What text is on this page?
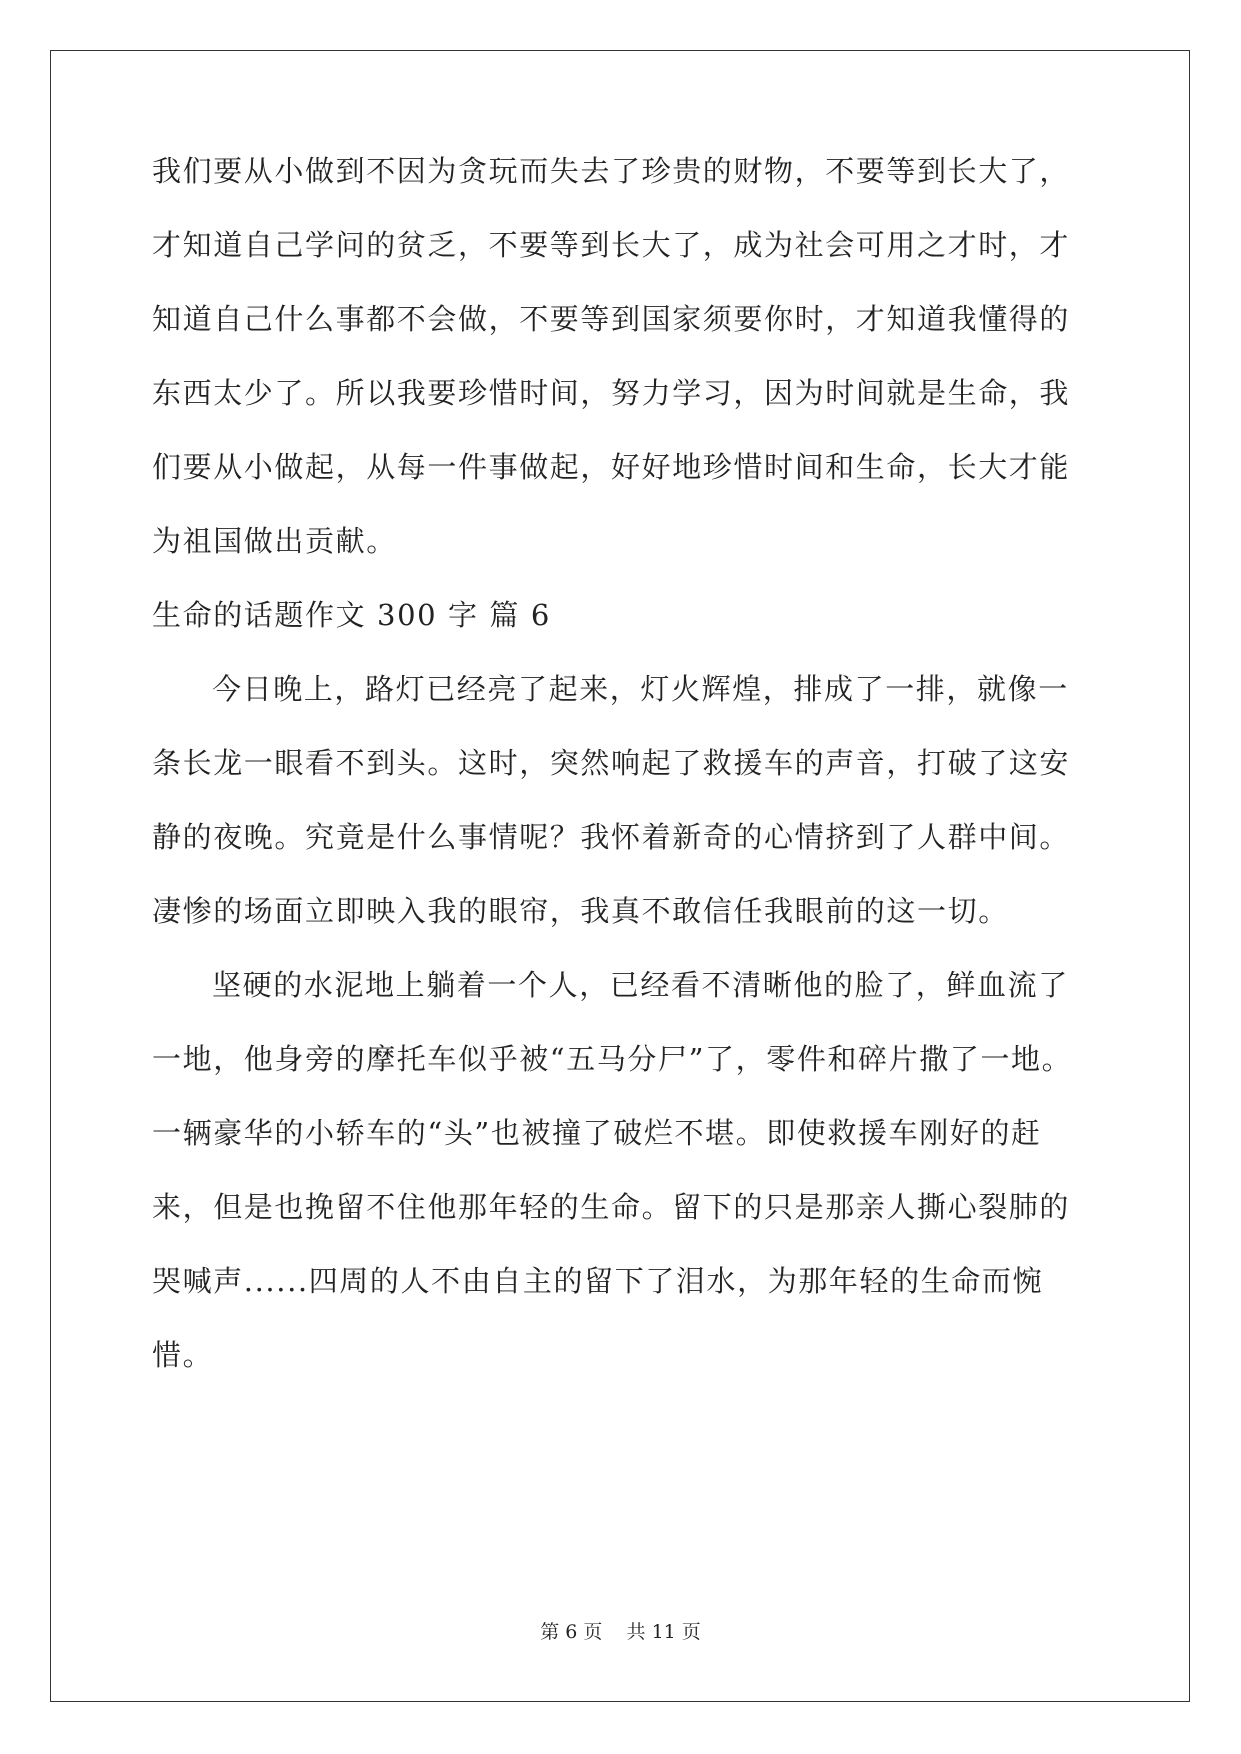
我们要从小做到不因为贪玩而失去了珍贵的财物，不要等到长大了，
才知道自己学问的贫乏，不要等到长大了，成为社会可用之才时，才
知道自己什么事都不会做，不要等到国家须要你时，才知道我懂得的
东西太少了。所以我要珍惜时间，努力学习，因为时间就是生命，我
们要从小做起，从每一件事做起，好好地珍惜时间和生命，长大才能
为祖国做出贡献。
生命的话题作文 300 字 篇 6
今日晚上，路灯已经亮了起来，灯火辉煌，排成了一排，就像一
条长龙一眼看不到头。这时，突然响起了救援车的声音，打破了这安
静的夜晚。究竟是什么事情呢？我怀着新奇的心情挤到了人群中间。
凄惨的场面立即映入我的眼帘，我真不敢信任我眼前的这一切。
坚硬的水泥地上躺着一个人，已经看不清晰他的脸了，鲜血流了
一地，他身旁的摩托车似乎被“五马分尸”了，零件和碎片撒了一地。
一辆豪华的小轿车的“头”也被撞了破烂不堪。即使救援车刚好的赶
来，但是也挽留不住他那年轻的生命。留下的只是那亲人撕心裂肺的
哭喊声......四周的人不由自主的留下了泪水，为那年轻的生命而惋
惜。
第 6 页    共 11 页
